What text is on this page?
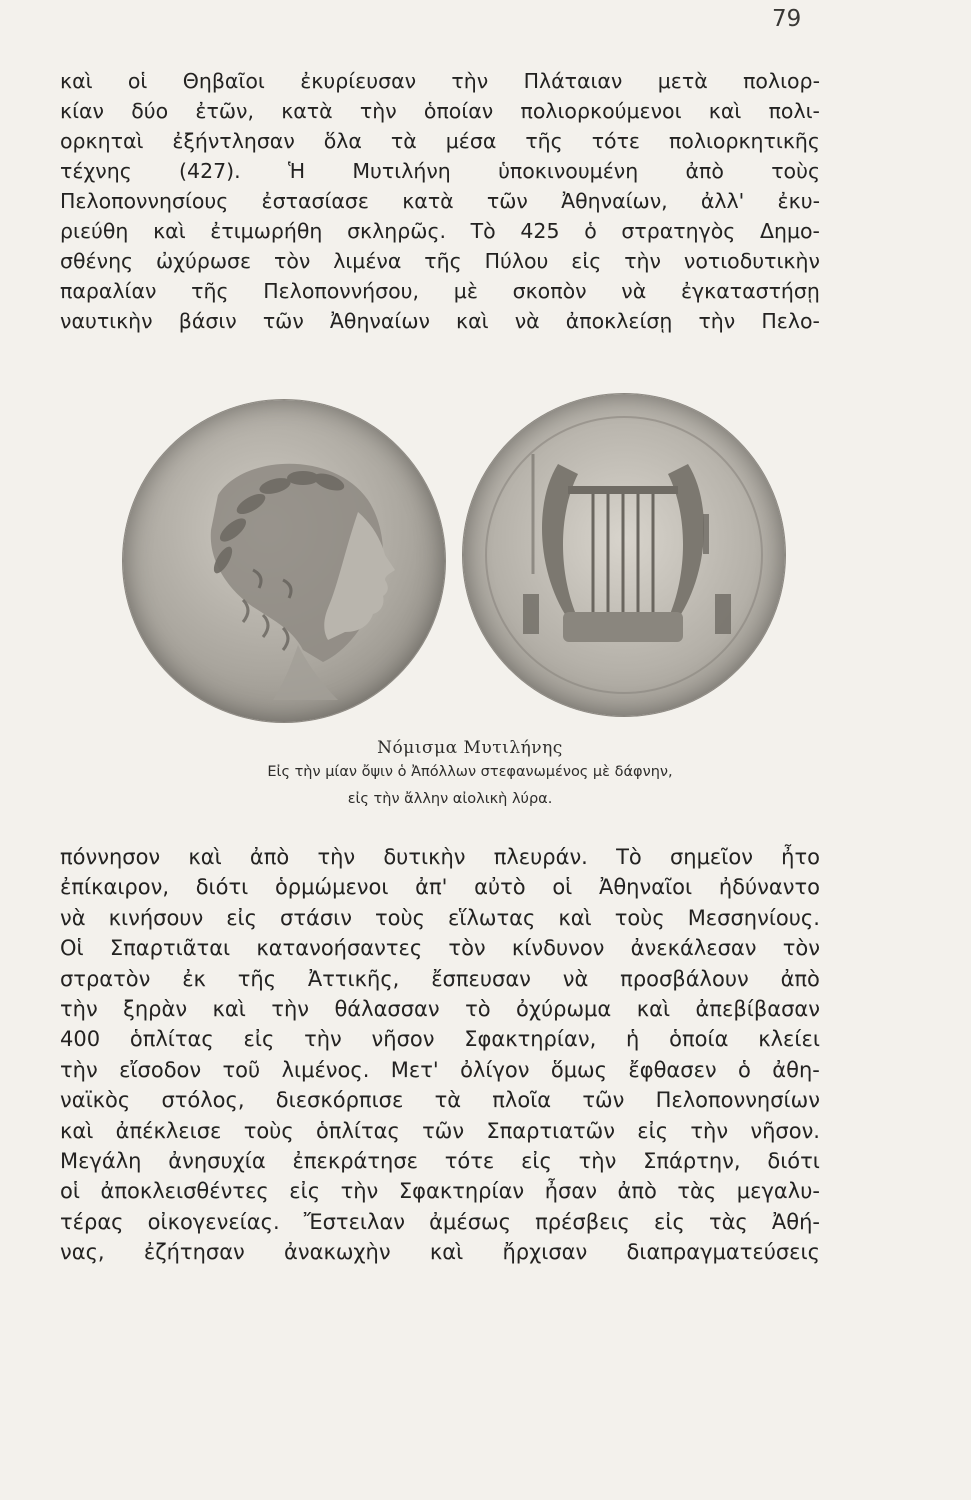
79
καὶ οἱ Θηβαῖοι ἐκυρίευσαν τὴν Πλάταιαν μετὰ πολιορ-
κίαν δύο ἐτῶν, κατὰ τὴν ὁποίαν πολιορκούμενοι καὶ πολι-
ορκηταὶ ἐξήντλησαν ὅλα τὰ μέσα τῆς τότε πολιορκητικῆς
τέχνης (427). Ἡ Μυτιλήνη ὑποκινουμένη ἀπὸ τοὺς
Πελοποννησίους ἐστασίασε κατὰ τῶν Ἀθηναίων, ἀλλ' ἐκυ-
ριεύθη καὶ ἐτιμωρήθη σκληρῶς. Τὸ 425 ὁ στρατηγὸς Δημο-
σθένης ὠχύρωσε τὸν λιμένα τῆς Πύλου εἰς τὴν νοτιοδυτικὴν
παραλίαν τῆς Πελοποννήσου, μὲ σκοπὸν νὰ ἐγκαταστήσῃ
ναυτικὴν βάσιν τῶν Ἀθηναίων καὶ νὰ ἀποκλείσῃ τὴν Πελο-
Νόμισμα Μυτιλήνης
Εἰς τὴν μίαν ὄψιν ὁ Ἀπόλλων στεφανωμένος μὲ δάφνην,
εἰς τὴν ἄλλην αἰολικὴ λύρα.
πόννησον καὶ ἀπὸ τὴν δυτικὴν πλευράν. Τὸ σημεῖον ἦτο
ἐπίκαιρον, διότι ὁρμώμενοι ἀπ' αὐτὸ οἱ Ἀθηναῖοι ἠδύναντο
νὰ κινήσουν εἰς στάσιν τοὺς εἵλωτας καὶ τοὺς Μεσσηνίους.
Οἱ Σπαρτιᾶται κατανοήσαντες τὸν κίνδυνον ἀνεκάλεσαν τὸν
στρατὸν ἐκ τῆς Ἀττικῆς, ἔσπευσαν νὰ προσβάλουν ἀπὸ
τὴν ξηρὰν καὶ τὴν θάλασσαν τὸ ὀχύρωμα καὶ ἀπεβίβασαν
400 ὁπλίτας εἰς τὴν νῆσον Σφακτηρίαν, ἡ ὁποία κλείει
τὴν εἴσοδον τοῦ λιμένος. Μετ' ὀλίγον ὅμως ἔφθασεν ὁ ἀθη-
ναϊκὸς στόλος, διεσκόρπισε τὰ πλοῖα τῶν Πελοποννησίων
καὶ ἀπέκλεισε τοὺς ὁπλίτας τῶν Σπαρτιατῶν εἰς τὴν νῆσον.
Μεγάλη ἀνησυχία ἐπεκράτησε τότε εἰς τὴν Σπάρτην, διότι
οἱ ἀποκλεισθέντες εἰς τὴν Σφακτηρίαν ἦσαν ἀπὸ τὰς μεγαλυ-
τέρας οἰκογενείας. Ἔστειλαν ἀμέσως πρέσβεις εἰς τὰς Ἀθή-
νας, ἐζήτησαν ἀνακωχὴν καὶ ἤρχισαν διαπραγματεύσεις
